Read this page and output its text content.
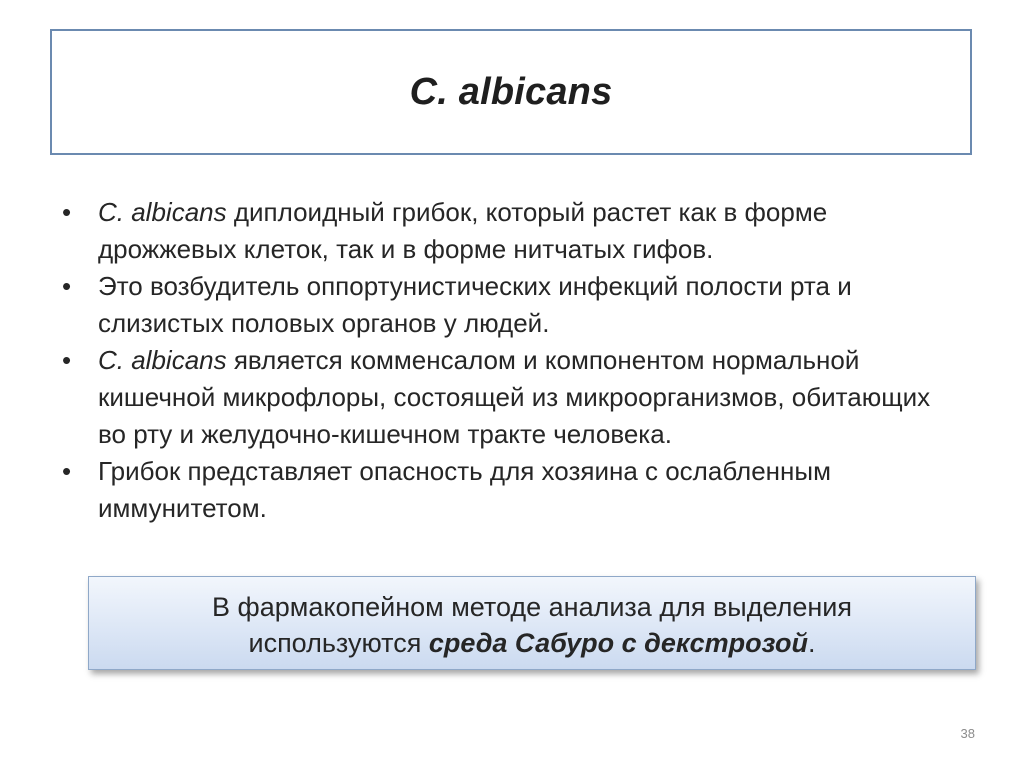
C. albicans
• C. albicans диплоидный грибок, который растет как в форме дрожжевых клеток, так и в форме нитчатых гифов.
• Это возбудитель оппортунистических инфекций полости рта и слизистых половых органов у людей.
• C. albicans является комменсалом и компонентом нормальной кишечной микрофлоры, состоящей из микроорганизмов, обитающих во рту и желудочно-кишечном тракте человека.
• Грибок представляет опасность для хозяина с ослабленным иммунитетом.
В фармакопейном методе анализа для выделения
используются среда Сабуро с декстрозой.
38
